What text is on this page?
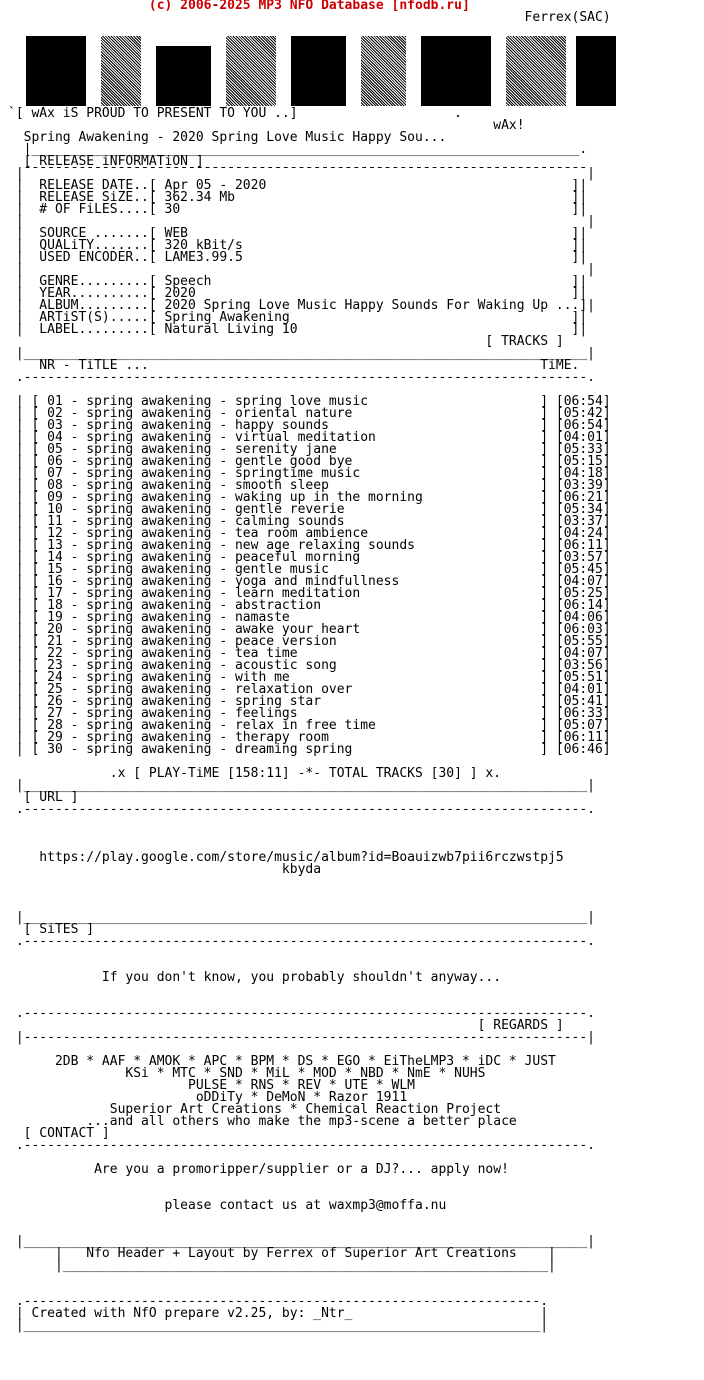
(c) 2006-2025 MP3 NFO Database [nfodb.ru]
Ferrex(SAC)
`[ wAx iS PROUD TO PRESENT TO YOU ..]                    .
wAx!
Spring Awakening - 2020 Spring Love Music Happy Sou...
|______________________________________________________________________.
[ RELEASE iNFORMATiON ]
|¯¯¯¯¯¯¯¯¯¯¯¯¯¯¯¯¯¯¯¯¯¯¯¯¯¯¯¯¯¯¯¯¯¯¯¯¯¯¯¯¯¯¯¯¯¯¯¯¯¯¯¯¯¯¯¯¯¯¯¯¯¯¯¯¯¯¯¯¯¯¯¯|
|  RELEASE DATE..[ Apr 05 - 2020                                       ]|
|  RELEASE SiZE..[ 362.34 Mb                                           ]|
|  # OF FiLES....[ 30                                                  ]|
|                                                                        |
|  SOURCE .......[ WEB                                                 ]|
|  QUALiTY.......[ 320 kBit/s                                          ]|
|  USED ENCODER..[ LAME3.99.5                                          ]|
|                                                                        |
|  GENRE.........[ Speech                                              ]|
|  YEAR..........[ 2020                                                ]|
|  ALBUM.........[ 2020 Spring Love Music Happy Sounds For Waking Up ...]|
|  ARTiST(S).....[ Spring Awakening                                    ]|
|  LABEL.........[ Natural Living 10                                   ]|
[ TRACKS ]
|________________________________________________________________________|
NR - TiTLE ...                                                  TiME.
.------------------------------------------------------------------------.
| [ 01 - spring awakening - spring love music                      ] [06:54]
| [ 02 - spring awakening - oriental nature                        ] [05:42]
| [ 03 - spring awakening - happy sounds                           ] [06:54]
| [ 04 - spring awakening - virtual meditation                     ] [04:01]
| [ 05 - spring awakening - serenity jane                          ] [05:33]
| [ 06 - spring awakening - gentle good bye                        ] [05:15]
| [ 07 - spring awakening - springtime music                       ] [04:18]
| [ 08 - spring awakening - smooth sleep                           ] [03:39]
| [ 09 - spring awakening - waking up in the morning               ] [06:21]
| [ 10 - spring awakening - gentle reverie                         ] [05:34]
| [ 11 - spring awakening - calming sounds                         ] [03:37]
| [ 12 - spring awakening - tea room ambience                      ] [04:24]
| [ 13 - spring awakening - new age relaxing sounds                ] [06:11]
| [ 14 - spring awakening - peaceful morning                       ] [03:57]
| [ 15 - spring awakening - gentle music                           ] [05:45]
| [ 16 - spring awakening - yoga and mindfullness                  ] [04:07]
| [ 17 - spring awakening - learn meditation                       ] [05:25]
| [ 18 - spring awakening - abstraction                            ] [06:14]
| [ 19 - spring awakening - namaste                                ] [04:06]
| [ 20 - spring awakening - awake your heart                       ] [06:03]
| [ 21 - spring awakening - peace version                          ] [05:55]
| [ 22 - spring awakening - tea time                               ] [04:07]
| [ 23 - spring awakening - acoustic song                          ] [03:56]
| [ 24 - spring awakening - with me                                ] [05:51]
| [ 25 - spring awakening - relaxation over                        ] [04:01]
| [ 26 - spring awakening - spring star                            ] [05:41]
| [ 27 - spring awakening - feelings                               ] [06:33]
| [ 28 - spring awakening - relax in free time                     ] [05:07]
| [ 29 - spring awakening - therapy room                           ] [06:11]
| [ 30 - spring awakening - dreaming spring                        ] [06:46]
.x [ PLAY-TiME [158:11] -*- TOTAL TRACKS [30] ] x.
|________________________________________________________________________|
[ URL ]
.------------------------------------------------------------------------.
https://play.google.com/store/music/album?id=Boauizwb7pii6rczwstpj5
kbyda
|________________________________________________________________________|
[ SiTES ]
.------------------------------------------------------------------------.
If you don't know, you probably shouldn't anyway...
.------------------------------------------------------------------------.
[ REGARDS ]
|------------------------------------------------------------------------|
2DB * AAF * AMOK * APC * BPM * DS * EGO * EiTheLMP3 * iDC * JUST
KSi * MTC * SND * MiL * MOD * NBD * NmE * NUHS
PULSE * RNS * REV * UTE * WLM
oDDiTy * DeMoN * Razor 1911
Superior Art Creations * Chemical Reaction Project
...and all others who make the mp3-scene a better place
[ CONTACT ]
.------------------------------------------------------------------------.
Are you a promoripper/supplier or a DJ?... apply now!
please contact us at waxmp3@moffa.nu
|________________________________________________________________________|
|   Nfo Header + Layout by Ferrex of Superior Art Creations    |
|______________________________________________________________|
.------------------------------------------------------------------.
| Created with NfO prepare v2.25, by: _Ntr_                        |
|__________________________________________________________________|
